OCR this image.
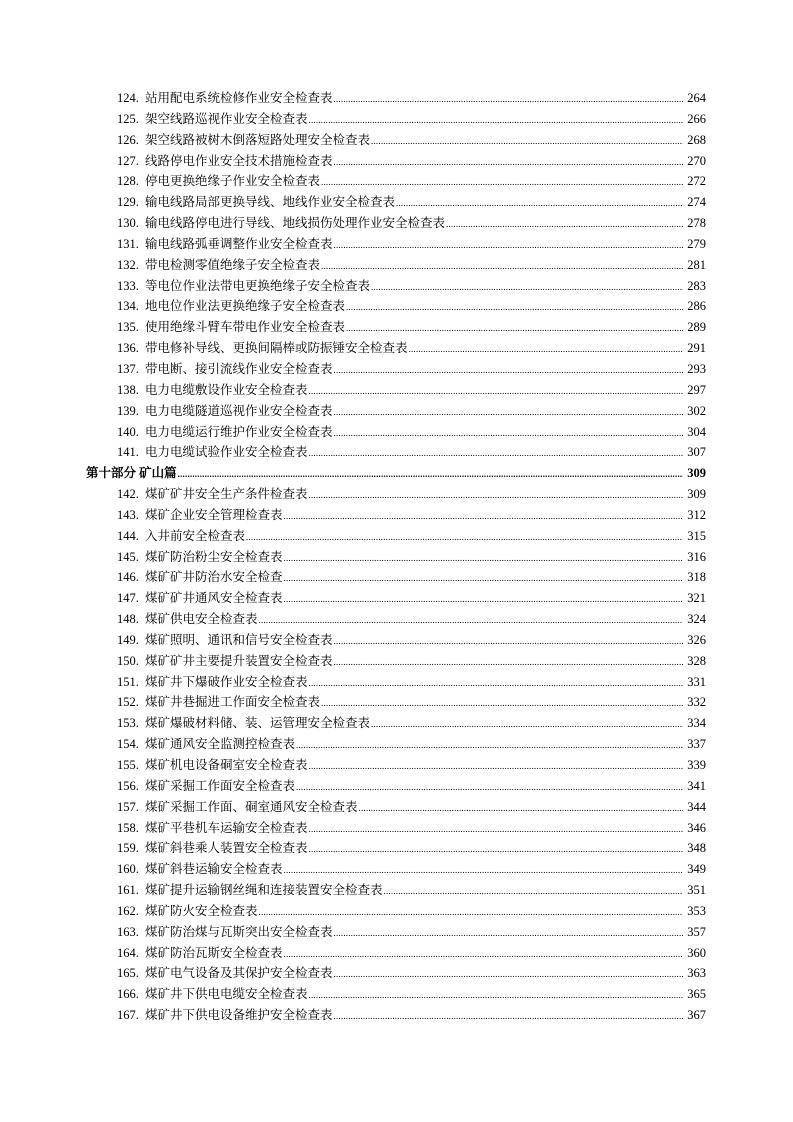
124. 站用配电系统检修作业安全检查表 .....	264
125. 架空线路巡视作业安全检查表 .....	266
126. 架空线路被树木倒落短路处理安全检查表 .....	268
127. 线路停电作业安全技术措施检查表 .....	270
128. 停电更换绝缘子作业安全检查表 .....	272
129. 输电线路局部更换导线、地线作业安全检查表 .....	274
130. 输电线路停电进行导线、地线损伤处理作业安全检查表 .....	278
131. 输电线路弧垂调整作业安全检查表 .....	279
132. 带电检测零值绝缘子安全检查表 .....	281
133. 等电位作业法带电更换绝缘子安全检查表 .....	283
134. 地电位作业法更换绝缘子安全检查表 .....	286
135. 使用绝缘斗臂车带电作业安全检查表 .....	289
136. 带电修补导线、更换间隔棒或防振锤安全检查表 .....	291
137. 带电断、接引流线作业安全检查表 .....	293
138. 电力电缆敷设作业安全检查表 .....	297
139. 电力电缆隧道巡视作业安全检查表 .....	302
140. 电力电缆运行维护作业安全检查表 .....	304
141. 电力电缆试验作业安全检查表 .....	307
第十部分 矿山篇 .....	309
142. 煤矿矿井安全生产条件检查表 .....	309
143. 煤矿企业安全管理检查表 .....	312
144. 入井前安全检查表 .....	315
145. 煤矿防治粉尘安全检查表 .....	316
146. 煤矿矿井防治水安全检查 .....	318
147. 煤矿矿井通风安全检查表 .....	321
148. 煤矿供电安全检查表 .....	324
149. 煤矿照明、通讯和信号安全检查表 .....	326
150. 煤矿矿井主要提升装置安全检查表 .....	328
151. 煤矿井下爆破作业安全检查表 .....	331
152. 煤矿井巷掘进工作面安全检查表 .....	332
153. 煤矿爆破材料储、装、运管理安全检查表 .....	334
154. 煤矿通风安全监测控检查表 .....	337
155. 煤矿机电设备硐室安全检查表 .....	339
156. 煤矿采掘工作面安全检查表 .....	341
157. 煤矿采掘工作面、硐室通风安全检查表 .....	344
158. 煤矿平巷机车运输安全检查表 .....	346
159. 煤矿斜巷乘人装置安全检查表 .....	348
160. 煤矿斜巷运输安全检查表 .....	349
161. 煤矿提升运输钢丝绳和连接装置安全检查表 .....	351
162. 煤矿防火安全检查表 .....	353
163. 煤矿防治煤与瓦斯突出安全检查表 .....	357
164. 煤矿防治瓦斯安全检查表 .....	360
165. 煤矿电气设备及其保护安全检查表 .....	363
166. 煤矿井下供电电缆安全检查表 .....	365
167. 煤矿井下供电设备维护安全检查表 .....	367
